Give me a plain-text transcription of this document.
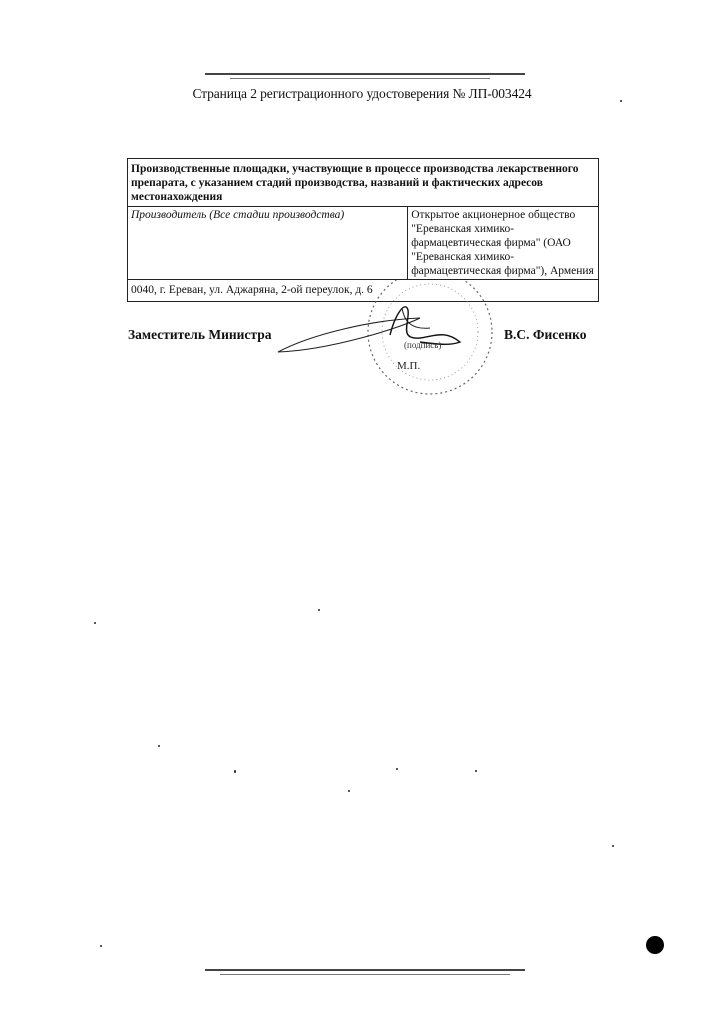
Страница 2 регистрационного удостоверения № ЛП-003424
Производственные площадки, участвующие в процессе производства лекарственного препарата, с указанием стадий производства, названий и фактических адресов местонахождения
Производитель (Все стадии производства)	Открытое акционерное общество "Ереванская химико-фармацевтическая фирма" (ОАО "Ереванская химико-фармацевтическая фирма"), Армения
0040, г. Ереван, ул. Аджаряна, 2-ой переулок, д. 6
Заместитель Министра
(подпись)
М.П.
В.С. Фисенко
